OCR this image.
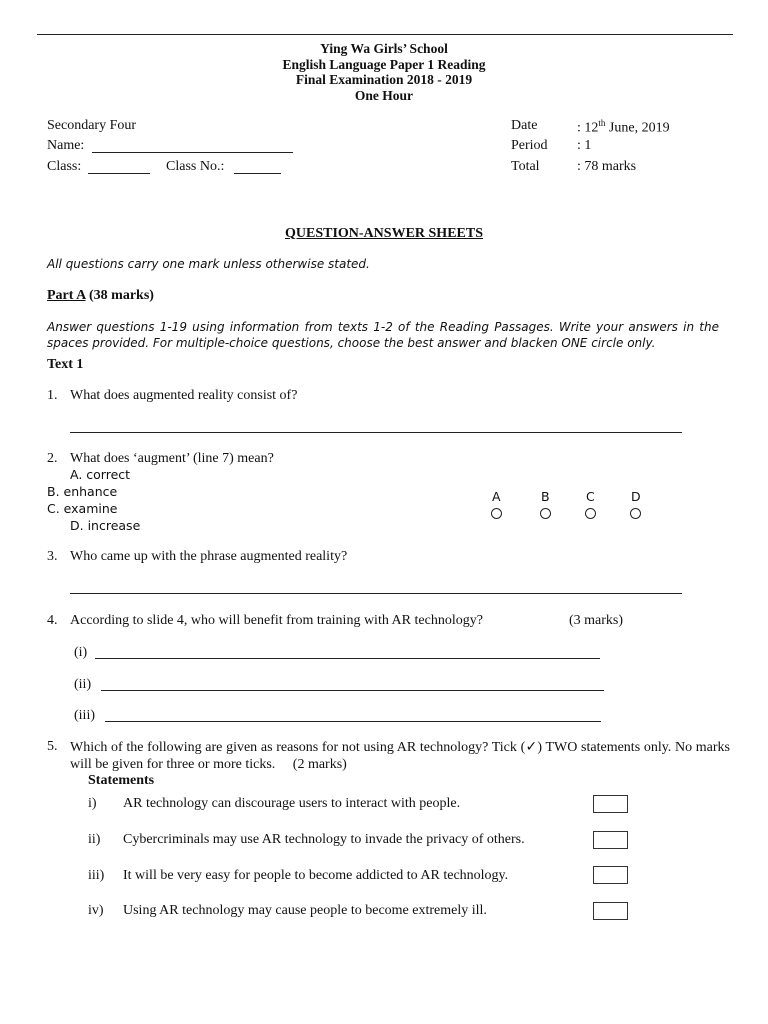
Ying Wa Girls’ School
English Language Paper 1 Reading
Final Examination 2018 - 2019
One Hour
Secondary Four
Name:
Class:	Class No.:
Date	: 12th June, 2019
Period : 1
Total	: 78 marks
QUESTION-ANSWER SHEETS
All questions carry one mark unless otherwise stated.
Part A (38 marks)
Answer questions 1-19 using information from texts 1-2 of the Reading Passages. Write your answers in the spaces provided. For multiple-choice questions, choose the best answer and blacken ONE circle only.
Text 1
1. What does augmented reality consist of?
2. What does ‘augment’ (line 7) mean?
A. correct
B. enhance
C. examine
D. increase
A	B	C	D
3. Who came up with the phrase augmented reality?
4. According to slide 4, who will benefit from training with AR technology?	(3 marks)
(i)
(ii)
(iii)
5. Which of the following are given as reasons for not using AR technology? Tick (✓) TWO statements only. No marks will be given for three or more ticks. (2 marks)
Statements
i) AR technology can discourage users to interact with people.
ii) Cybercriminals may use AR technology to invade the privacy of others.
iii) It will be very easy for people to become addicted to AR technology.
iv) Using AR technology may cause people to become extremely ill.
